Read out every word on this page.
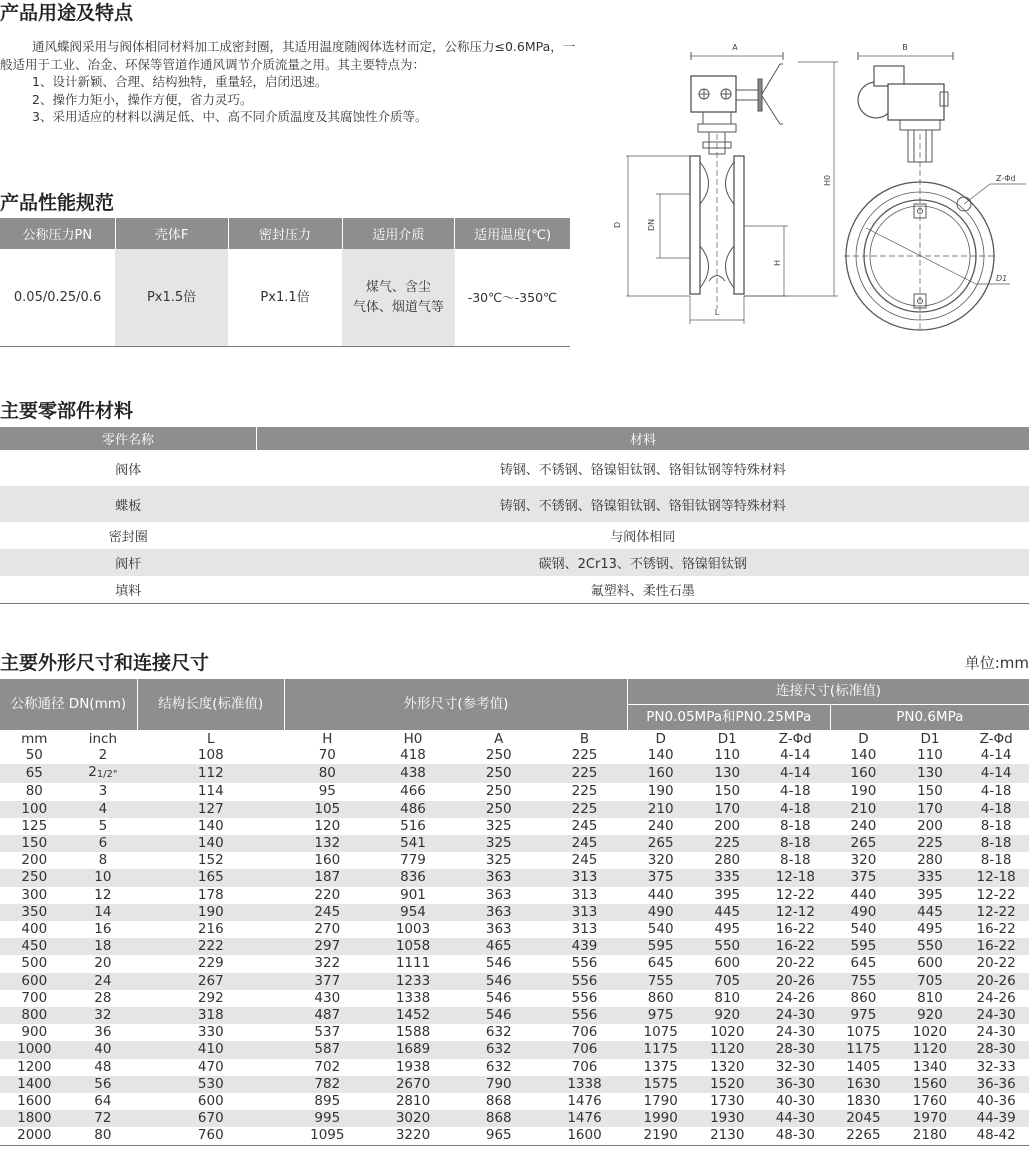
产品用途及特点

通风蝶阀采用与阀体相同材料加工成密封圈，其适用温度随阀体选材而定，公称压力≤0.6MPa，一般适用于工业、冶金、环保等管道作通风调节介质流量之用。其主要特点为：

1、设计新颖、合理、结构独特，重量轻，启闭迅速。

2、操作力矩小，操作方便，省力灵巧。

3、采用适应的材料以满足低、中、高不同介质温度及其腐蚀性介质等。

产品性能规范
公称压力PN	壳体F	密封压力	适用介质	适用温度(℃)
0.05/0.25/0.6	Px1.5倍	Px1.1倍	煤气、含尘
气体、烟道气等	-30℃～-350℃
A
D	DN
H
H0
L
B
Z-Φd
D1
主要零部件材料
零件名称	材料
阀体	铸钢、不锈钢、铬镍钼钛钢、铬钼钛钢等特殊材料
蝶板	铸钢、不锈钢、铬镍钼钛钢、铬钼钛钢等特殊材料
密封圈	与阀体相同
阀杆	碳钢、2Cr13、不锈钢、铬镍钼钛钢
填料	氟塑料、柔性石墨
主要外形尺寸和连接尺寸	单位:mm
公称通径 DN(mm)		结构长度(标准值)	外形尺寸(参考值)				连接尺寸(标准值)					
							PN0.05MPa和PN0.25MPa			PN0.6MPa		
mm	inch	L	H	H0	A	B	D	D1	Z-Φd	D	D1	Z-Φd
50	2	108	70	418	250	225	140	110	4-14	140	110	4-14
65	21/2"	112	80	438	250	225	160	130	4-14	160	130	4-14
80	3	114	95	466	250	225	190	150	4-18	190	150	4-18
100	4	127	105	486	250	225	210	170	4-18	210	170	4-18
125	5	140	120	516	325	245	240	200	8-18	240	200	8-18
150	6	140	132	541	325	245	265	225	8-18	265	225	8-18
200	8	152	160	779	325	245	320	280	8-18	320	280	8-18
250	10	165	187	836	363	313	375	335	12-18	375	335	12-18
300	12	178	220	901	363	313	440	395	12-22	440	395	12-22
350	14	190	245	954	363	313	490	445	12-12	490	445	12-22
400	16	216	270	1003	363	313	540	495	16-22	540	495	16-22
450	18	222	297	1058	465	439	595	550	16-22	595	550	16-22
500	20	229	322	1111	546	556	645	600	20-22	645	600	20-22
600	24	267	377	1233	546	556	755	705	20-26	755	705	20-26
700	28	292	430	1338	546	556	860	810	24-26	860	810	24-26
800	32	318	487	1452	546	556	975	920	24-30	975	920	24-30
900	36	330	537	1588	632	706	1075	1020	24-30	1075	1020	24-30
1000	40	410	587	1689	632	706	1175	1120	28-30	1175	1120	28-30
1200	48	470	702	1938	632	706	1375	1320	32-30	1405	1340	32-33
1400	56	530	782	2670	790	1338	1575	1520	36-30	1630	1560	36-36
1600	64	600	895	2810	868	1476	1790	1730	40-30	1830	1760	40-36
1800	72	670	995	3020	868	1476	1990	1930	44-30	2045	1970	44-39
2000	80	760	1095	3220	965	1600	2190	2130	48-30	2265	2180	48-42
